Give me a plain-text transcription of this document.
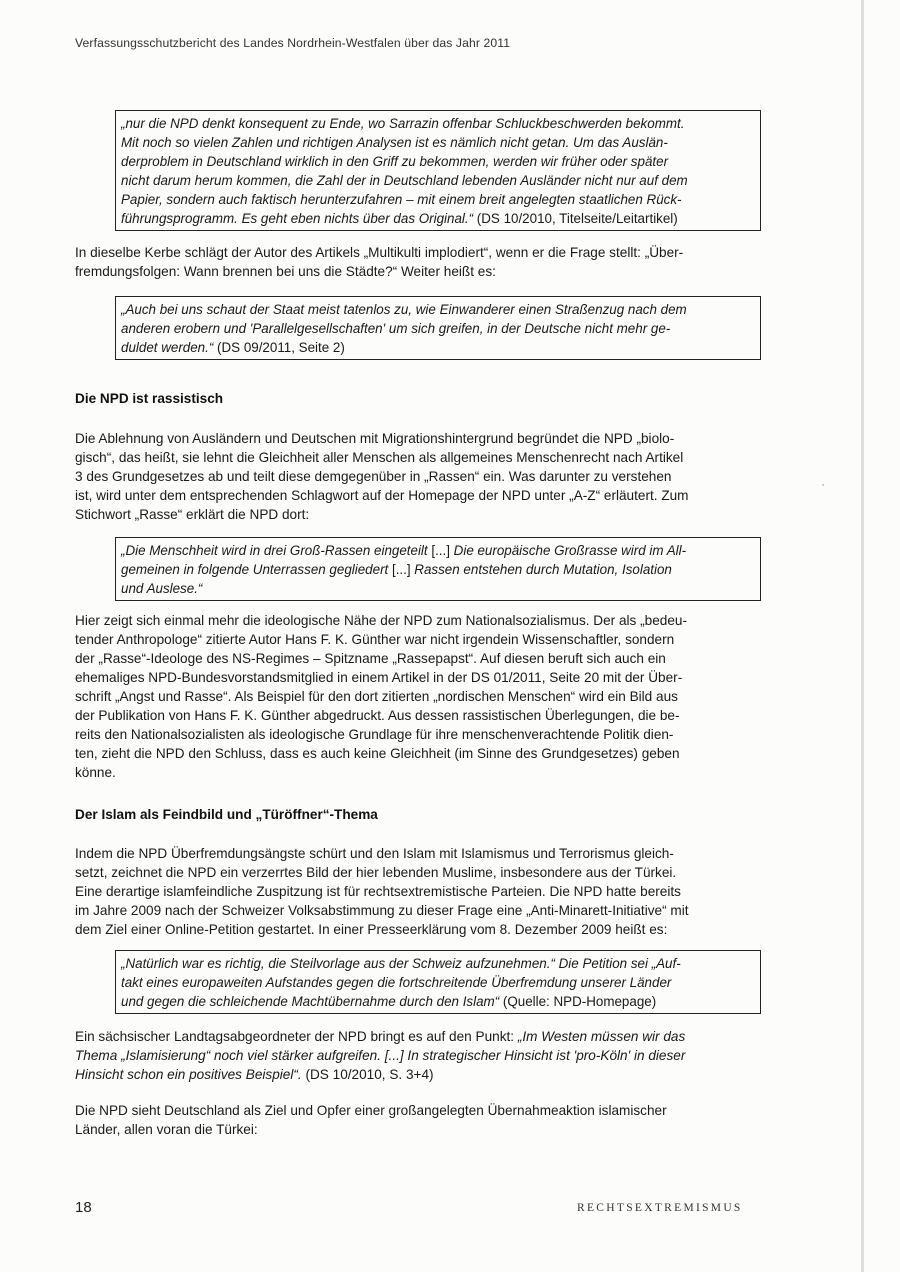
Verfassungsschutzbericht des Landes Nordrhein-Westfalen über das Jahr 2011
„nur die NPD denkt konsequent zu Ende, wo Sarrazin offenbar Schluckbeschwerden bekommt.
Mit noch so vielen Zahlen und richtigen Analysen ist es nämlich nicht getan. Um das Auslän-
derproblem in Deutschland wirklich in den Griff zu bekommen, werden wir früher oder später
nicht darum herum kommen, die Zahl der in Deutschland lebenden Ausländer nicht nur auf dem
Papier, sondern auch faktisch herunterzufahren – mit einem breit angelegten staatlichen Rück-
führungsprogramm. Es geht eben nichts über das Original.“ (DS 10/2010, Titelseite/Leitartikel)
In dieselbe Kerbe schlägt der Autor des Artikels „Multikulti implodiert“, wenn er die Frage stellt: „Über-
fremdungsfolgen: Wann brennen bei uns die Städte?“ Weiter heißt es:
„Auch bei uns schaut der Staat meist tatenlos zu, wie Einwanderer einen Straßenzug nach dem
anderen erobern und 'Parallelgesellschaften' um sich greifen, in der Deutsche nicht mehr ge-
duldet werden.“ (DS 09/2011, Seite 2)
Die NPD ist rassistisch
Die Ablehnung von Ausländern und Deutschen mit Migrationshintergrund begründet die NPD „biolo-
gisch“, das heißt, sie lehnt die Gleichheit aller Menschen als allgemeines Menschenrecht nach Artikel
3 des Grundgesetzes ab und teilt diese demgegenüber in „Rassen“ ein. Was darunter zu verstehen
ist, wird unter dem entsprechenden Schlagwort auf der Homepage der NPD unter „A-Z“ erläutert. Zum
Stichwort „Rasse“ erklärt die NPD dort:
„Die Menschheit wird in drei Groß-Rassen eingeteilt [...] Die europäische Großrasse wird im All-
gemeinen in folgende Unterrassen gegliedert [...] Rassen entstehen durch Mutation, Isolation
und Auslese.“
Hier zeigt sich einmal mehr die ideologische Nähe der NPD zum Nationalsozialismus. Der als „bedeu-
tender Anthropologe“ zitierte Autor Hans F. K. Günther war nicht irgendein Wissenschaftler, sondern
der „Rasse“-Ideologe des NS-Regimes – Spitzname „Rassepapst“. Auf diesen beruft sich auch ein
ehemaliges NPD-Bundesvorstandsmitglied in einem Artikel in der DS 01/2011, Seite 20 mit der Über-
schrift „Angst und Rasse“. Als Beispiel für den dort zitierten „nordischen Menschen“ wird ein Bild aus
der Publikation von Hans F. K. Günther abgedruckt. Aus dessen rassistischen Überlegungen, die be-
reits den Nationalsozialisten als ideologische Grundlage für ihre menschenverachtende Politik dien-
ten, zieht die NPD den Schluss, dass es auch keine Gleichheit (im Sinne des Grundgesetzes) geben
könne.
Der Islam als Feindbild und „Türöffner“-Thema
Indem die NPD Überfremdungsängste schürt und den Islam mit Islamismus und Terrorismus gleich-
setzt, zeichnet die NPD ein verzerrtes Bild der hier lebenden Muslime, insbesondere aus der Türkei.
Eine derartige islamfeindliche Zuspitzung ist für rechtsextremistische Parteien. Die NPD hatte bereits
im Jahre 2009 nach der Schweizer Volksabstimmung zu dieser Frage eine „Anti-Minarett-Initiative“ mit
dem Ziel einer Online-Petition gestartet. In einer Presseerklärung vom 8. Dezember 2009 heißt es:
„Natürlich war es richtig, die Steilvorlage aus der Schweiz aufzunehmen.“ Die Petition sei „Auf-
takt eines europaweiten Aufstandes gegen die fortschreitende Überfremdung unserer Länder
und gegen die schleichende Machtübernahme durch den Islam“ (Quelle: NPD-Homepage)
Ein sächsischer Landtagsabgeordneter der NPD bringt es auf den Punkt: „Im Westen müssen wir das
Thema „Islamisierung“ noch viel stärker aufgreifen. [...] In strategischer Hinsicht ist 'pro-Köln' in dieser
Hinsicht schon ein positives Beispiel“. (DS 10/2010, S. 3+4)
Die NPD sieht Deutschland als Ziel und Opfer einer großangelegten Übernahmeaktion islamischer
Länder, allen voran die Türkei:
18	RECHTSEXTREMISMUS
